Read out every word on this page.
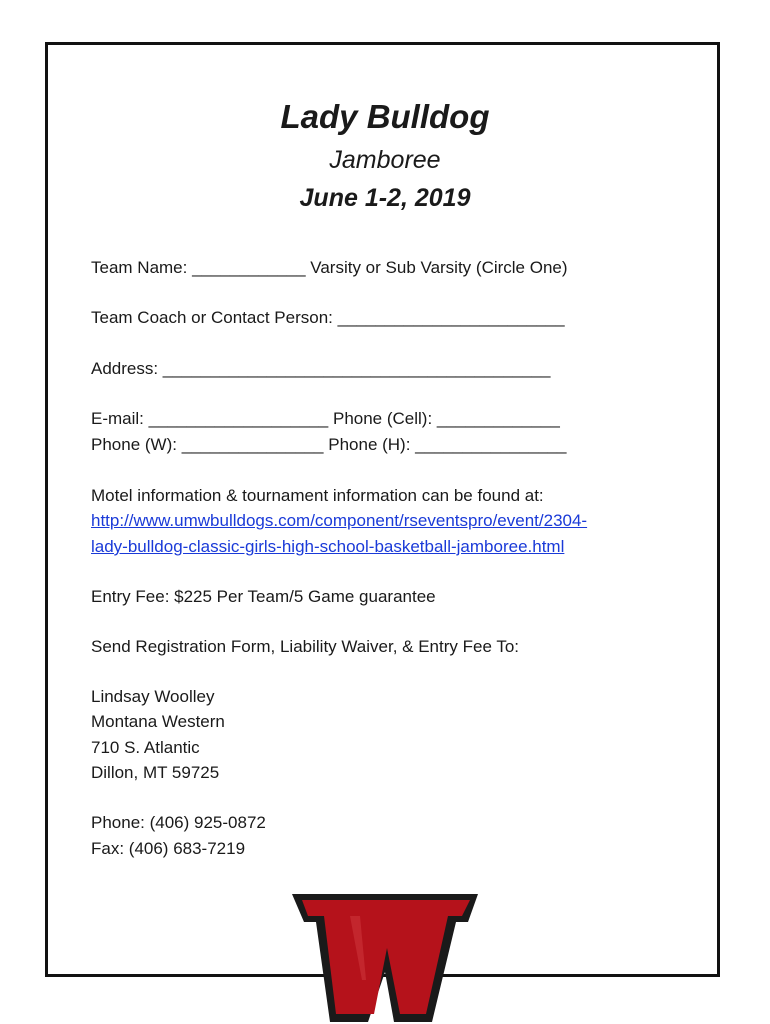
Lady Bulldog
Jamboree
June 1-2, 2019

Team Name: ____________ Varsity or Sub Varsity (Circle One)

Team Coach or Contact Person: ________________________

Address: _________________________________________

E-mail: ___________________ Phone (Cell): _____________

Phone (W): _______________ Phone (H): ________________

Motel information & tournament information can be found at:

http://www.umwbulldogs.com/component/rseventspro/event/2304-

lady-bulldog-classic-girls-high-school-basketball-jamboree.html

Entry Fee: $225 Per Team/5 Game guarantee

Send Registration Form, Liability Waiver, & Entry Fee To:

Lindsay Woolley

Montana Western

710 S. Atlantic

Dillon, MT 59725

Phone: (406) 925-0872

Fax: (406) 683-7219
